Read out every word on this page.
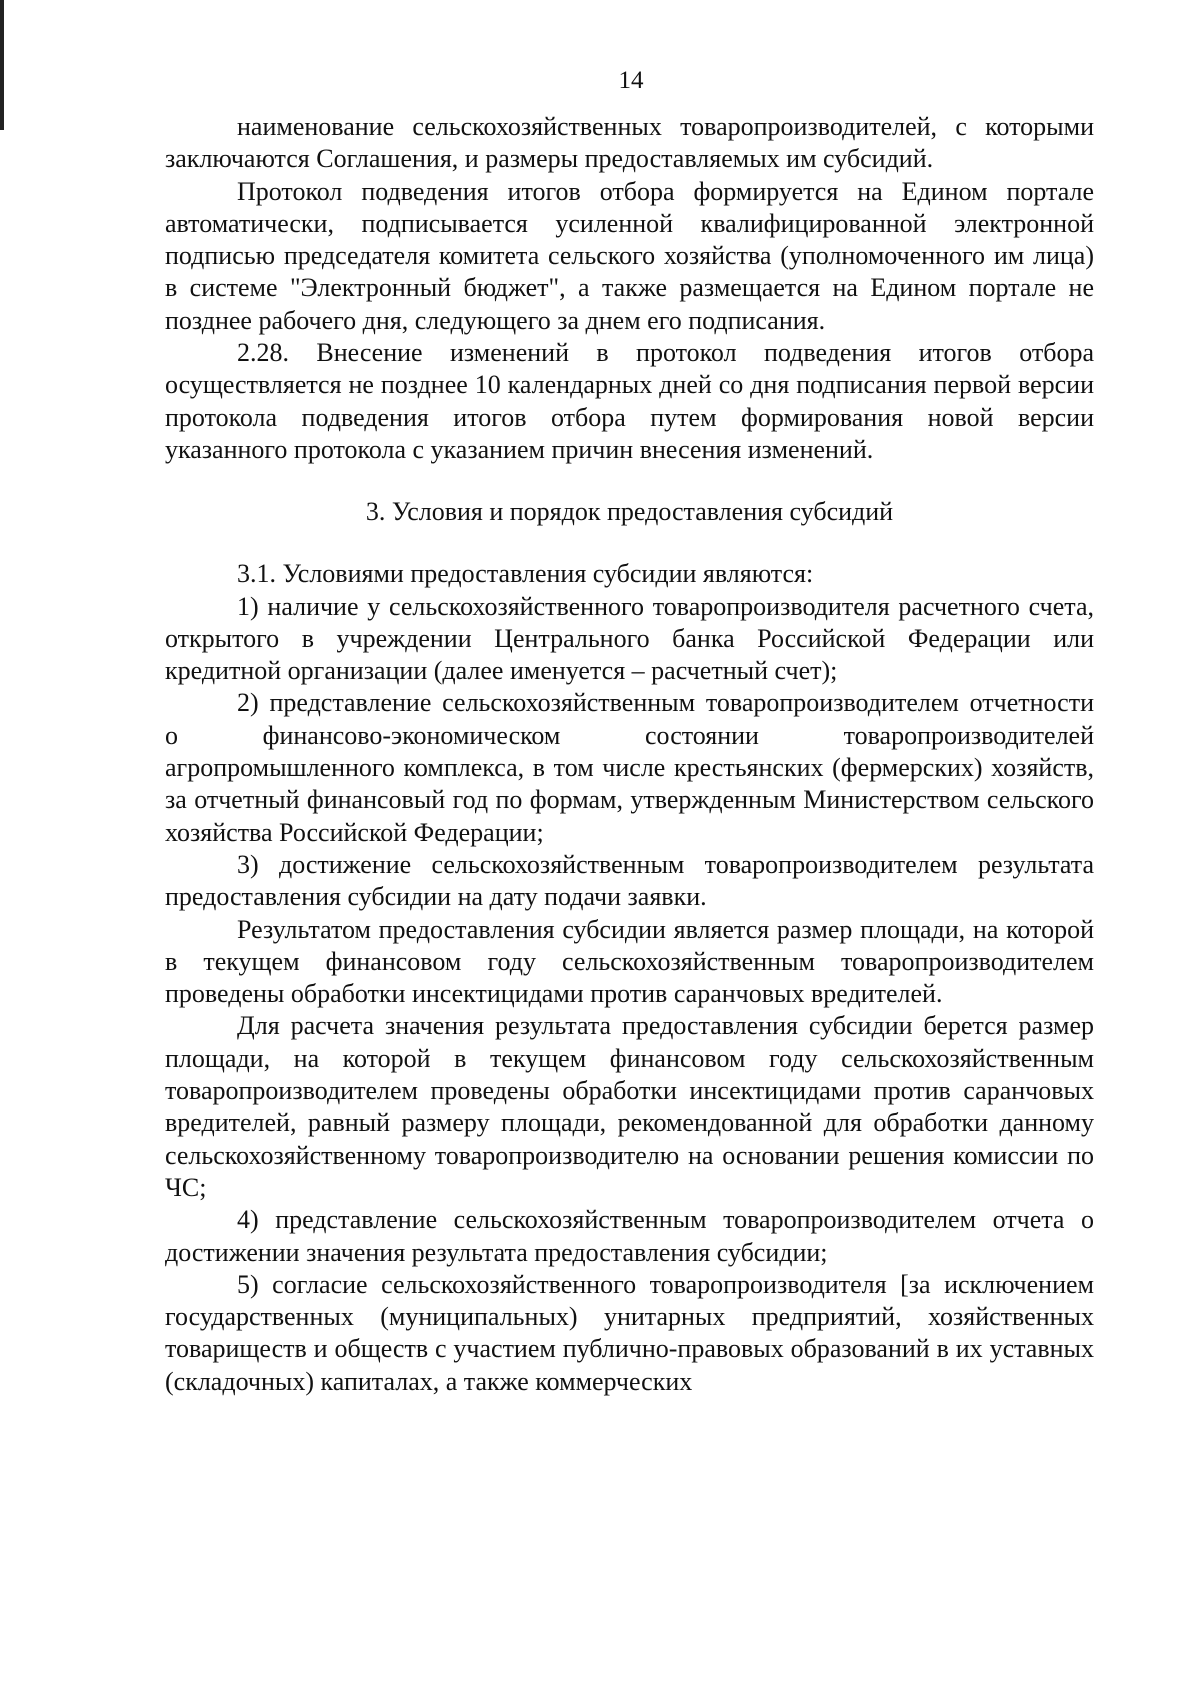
14

наименование сельскохозяйственных товаропроизводителей, с которыми заключаются Соглашения, и размеры предоставляемых им субсидий.

Протокол подведения итогов отбора формируется на Едином портале автоматически, подписывается усиленной квалифицированной электронной подписью председателя комитета сельского хозяйства (уполномоченного им лица) в системе "Электронный бюджет", а также размещается на Едином портале не позднее рабочего дня, следующего за днем его подписания.

2.28. Внесение изменений в протокол подведения итогов отбора осуществляется не позднее 10 календарных дней со дня подписания первой версии протокола подведения итогов отбора путем формирования новой версии указанного протокола с указанием причин внесения изменений.

3. Условия и порядок предоставления субсидий

3.1. Условиями предоставления субсидии являются:

1) наличие у сельскохозяйственного товаропроизводителя расчетного счета, открытого в учреждении Центрального банка Российской Федерации или кредитной организации (далее именуется – расчетный счет);

2) представление сельскохозяйственным товаропроизводителем отчетности о финансово-экономическом состоянии товаропроизводителей агропромышленного комплекса, в том числе крестьянских (фермерских) хозяйств, за отчетный финансовый год по формам, утвержденным Министерством сельского хозяйства Российской Федерации;

3) достижение сельскохозяйственным товаропроизводителем результата предоставления субсидии на дату подачи заявки.

Результатом предоставления субсидии является размер площади, на которой в текущем финансовом году сельскохозяйственным товаропроизводителем проведены обработки инсектицидами против саранчовых вредителей.

Для расчета значения результата предоставления субсидии берется размер площади, на которой в текущем финансовом году сельскохозяйственным товаропроизводителем проведены обработки инсектицидами против саранчовых вредителей, равный размеру площади, рекомендованной для обработки данному сельскохозяйственному товаропроизводителю на основании решения комиссии по ЧС;

4) представление сельскохозяйственным товаропроизводителем отчета о достижении значения результата предоставления субсидии;

5) согласие сельскохозяйственного товаропроизводителя [за исключением государственных (муниципальных) унитарных предприятий, хозяйственных товариществ и обществ с участием публично-правовых образований в их уставных (складочных) капиталах, а также коммерческих
